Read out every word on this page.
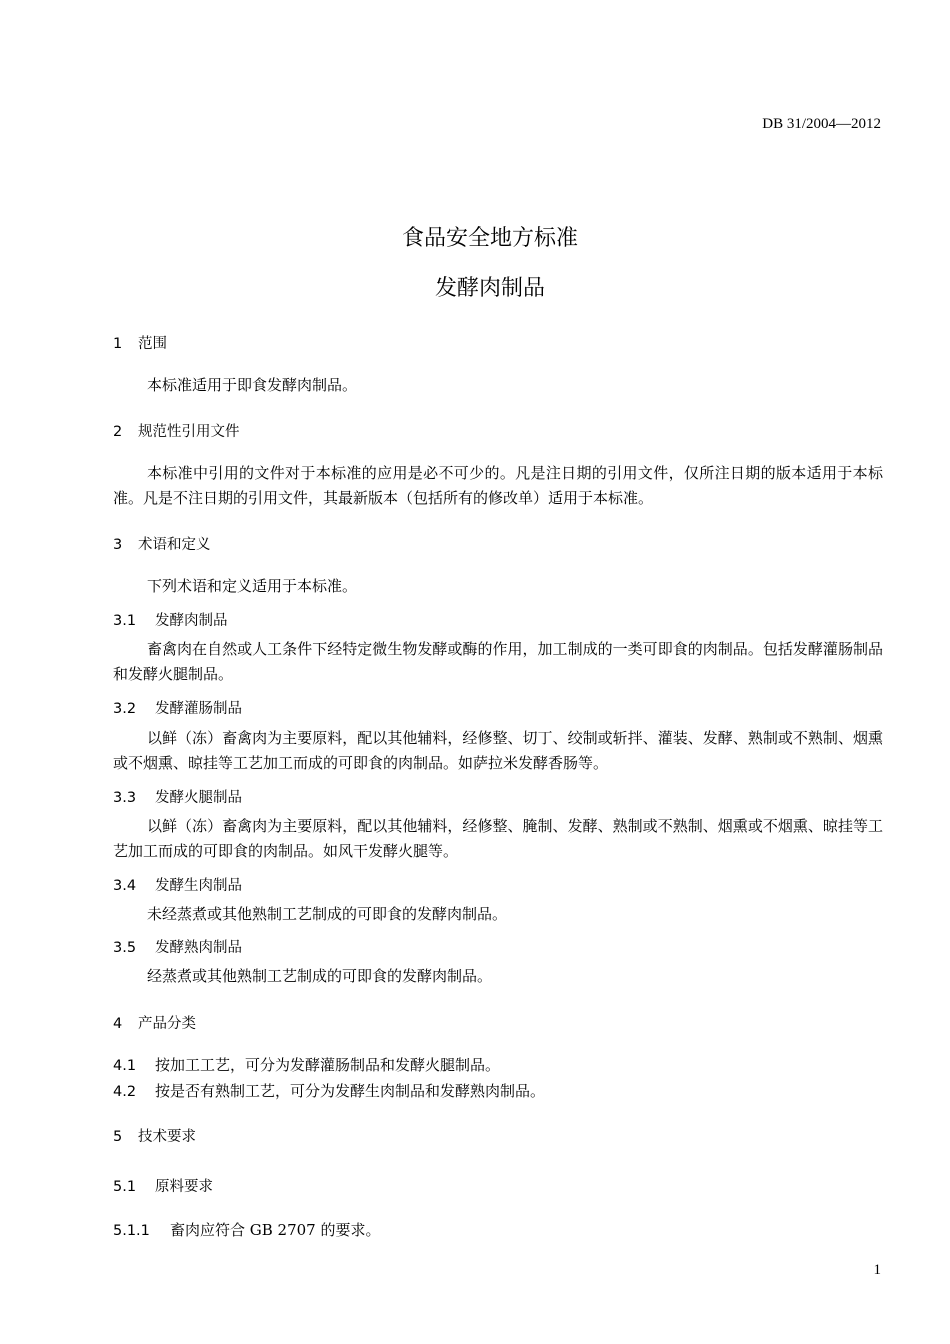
DB 31/2004—2012
食品安全地方标准
发酵肉制品
1 范围
本标准适用于即食发酵肉制品。
2 规范性引用文件
本标准中引用的文件对于本标准的应用是必不可少的。凡是注日期的引用文件，仅所注日期的版本适用于本标准。凡是不注日期的引用文件，其最新版本（包括所有的修改单）适用于本标准。
3 术语和定义
下列术语和定义适用于本标准。
3.1 发酵肉制品
畜禽肉在自然或人工条件下经特定微生物发酵或酶的作用，加工制成的一类可即食的肉制品。包括发酵灌肠制品和发酵火腿制品。
3.2 发酵灌肠制品
以鲜（冻）畜禽肉为主要原料，配以其他辅料，经修整、切丁、绞制或斩拌、灌装、发酵、熟制或不熟制、烟熏或不烟熏、晾挂等工艺加工而成的可即食的肉制品。如萨拉米发酵香肠等。
3.3 发酵火腿制品
以鲜（冻）畜禽肉为主要原料，配以其他辅料，经修整、腌制、发酵、熟制或不熟制、烟熏或不烟熏、晾挂等工艺加工而成的可即食的肉制品。如风干发酵火腿等。
3.4 发酵生肉制品
未经蒸煮或其他熟制工艺制成的可即食的发酵肉制品。
3.5 发酵熟肉制品
经蒸煮或其他熟制工艺制成的可即食的发酵肉制品。
4 产品分类
4.1 按加工工艺，可分为发酵灌肠制品和发酵火腿制品。
4.2 按是否有熟制工艺，可分为发酵生肉制品和发酵熟肉制品。
5 技术要求
5.1 原料要求
5.1.1 畜肉应符合 GB 2707 的要求。
1
